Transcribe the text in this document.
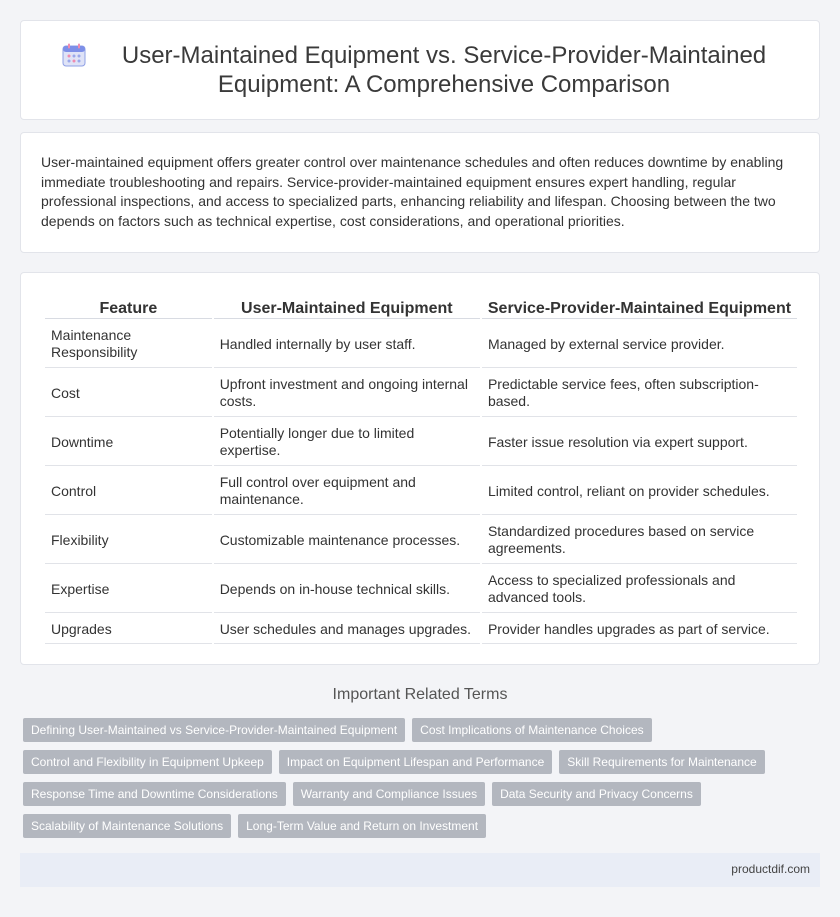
User-Maintained Equipment vs. Service-Provider-Maintained Equipment: A Comprehensive Comparison

User-maintained equipment offers greater control over maintenance schedules and often reduces downtime by enabling immediate troubleshooting and repairs. Service-provider-maintained equipment ensures expert handling, regular professional inspections, and access to specialized parts, enhancing reliability and lifespan. Choosing between the two depends on factors such as technical expertise, cost considerations, and operational priorities.

Feature	User-Maintained Equipment	Service-Provider-Maintained Equipment
Maintenance Responsibility	Handled internally by user staff.	Managed by external service provider.
Cost	Upfront investment and ongoing internal costs.	Predictable service fees, often subscription-based.
Downtime	Potentially longer due to limited expertise.	Faster issue resolution via expert support.
Control	Full control over equipment and maintenance.	Limited control, reliant on provider schedules.
Flexibility	Customizable maintenance processes.	Standardized procedures based on service agreements.
Expertise	Depends on in-house technical skills.	Access to specialized professionals and advanced tools.
Upgrades	User schedules and manages upgrades.	Provider handles upgrades as part of service.
Important Related Terms
Defining User-Maintained vs Service-Provider-Maintained Equipment	Cost Implications of Maintenance Choices
Control and Flexibility in Equipment Upkeep	Impact on Equipment Lifespan and Performance	Skill Requirements for Maintenance
Response Time and Downtime Considerations	Warranty and Compliance Issues	Data Security and Privacy Concerns
Scalability of Maintenance Solutions	Long-Term Value and Return on Investment
productdif.com
